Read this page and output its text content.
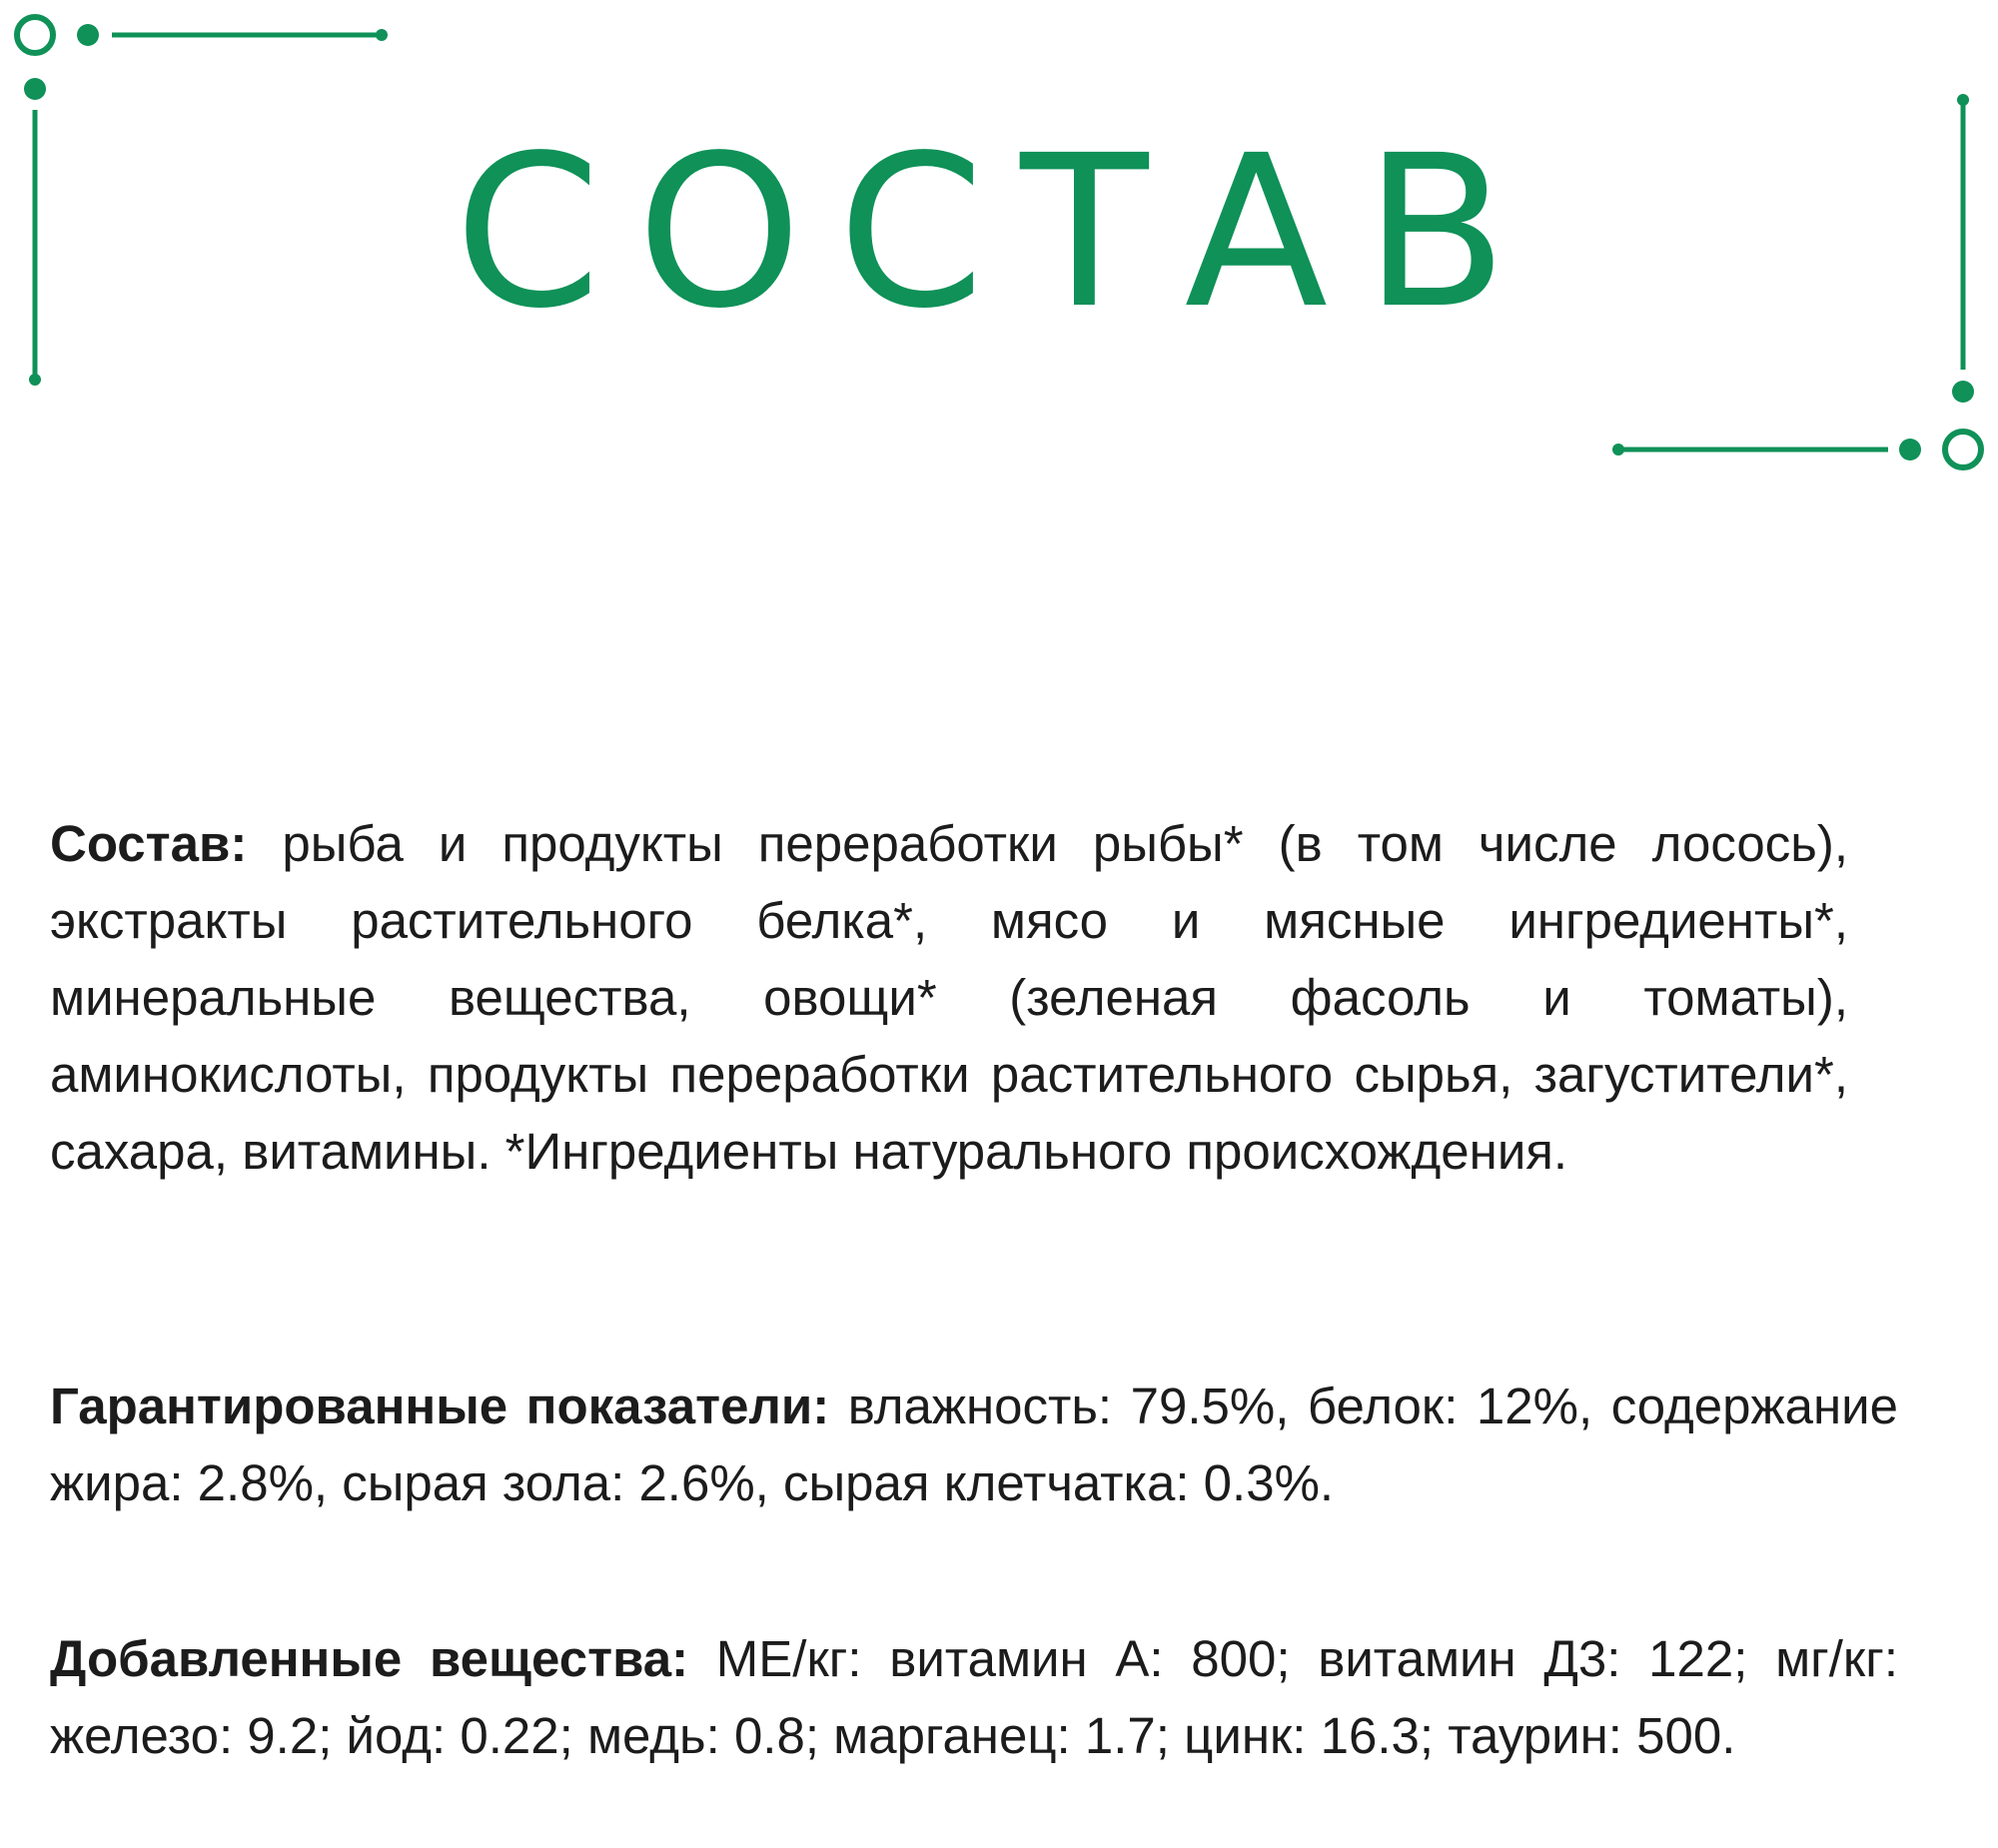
СОСТАВ
Состав: рыба и продукты переработки рыбы* (в том числе лосось), экстракты растительного белка*, мясо и мясные ингредиенты*, минеральные вещества, овощи* (зеленая фасоль и томаты), аминокислоты, продукты переработки растительного сырья, загустители*, сахара, витамины. *Ингредиенты натурального происхождения.
Гарантированные показатели: влажность: 79.5%, белок: 12%, содержание жира: 2.8%, сырая зола: 2.6%, сырая клетчатка: 0.3%.
Добавленные вещества: МЕ/кг: витамин А: 800; витамин Д3: 122; мг/кг: железо: 9.2; йод: 0.22; медь: 0.8; марганец: 1.7; цинк: 16.3; таурин: 500.
